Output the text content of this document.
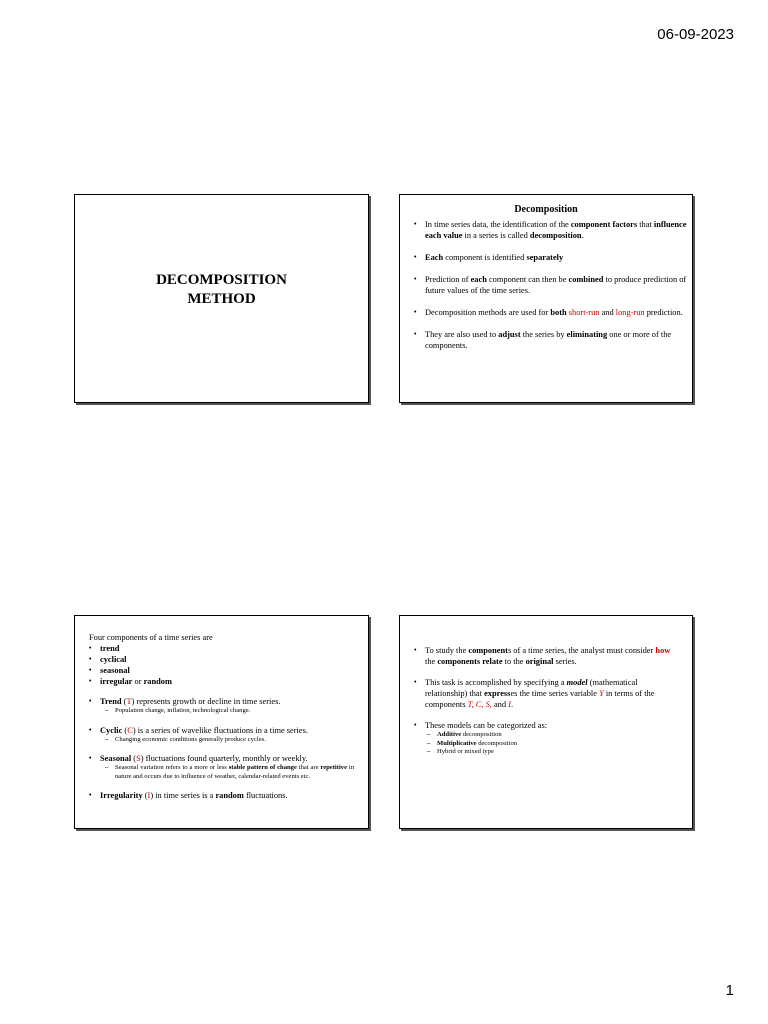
06-09-2023
DECOMPOSITION
METHOD
Decomposition
• In time series data, the identification of the component factors that influence each value in a series is called decomposition.
• Each component is identified separately
• Prediction of each component can then be combined to produce prediction of future values of the time series.
• Decomposition methods are used for both short-run and long-run prediction.
• They are also used to adjust the series by eliminating one or more of the components.
Four components of a time series are
• trend
• cyclical
• seasonal
• irregular or random
• Trend (T) represents growth or decline in time series.
– Population change, inflation, technological change.
• Cyclic (C) is a series of wavelike fluctuations in a time series.
– Changing economic conditions generally produce cycles.
• Seasonal (S) fluctuations found quarterly, monthly or weekly.
– Seasonal variation refers to a more or less stable pattern of change that are repetitive in nature and occurs due to influence of weather, calendar-related events etc.
• Irregularity (I) in time series is a random fluctuations.
• To study the components of a time series, the analyst must consider how the components relate to the original series.
• This task is accomplished by specifying a model (mathematical relationship) that expresses the time series variable Y in terms of the components T, C, S, and I.
• These models can be categorized as:
– Additive decomposition
– Multiplicative decomposition
– Hybrid or mixed type
1
